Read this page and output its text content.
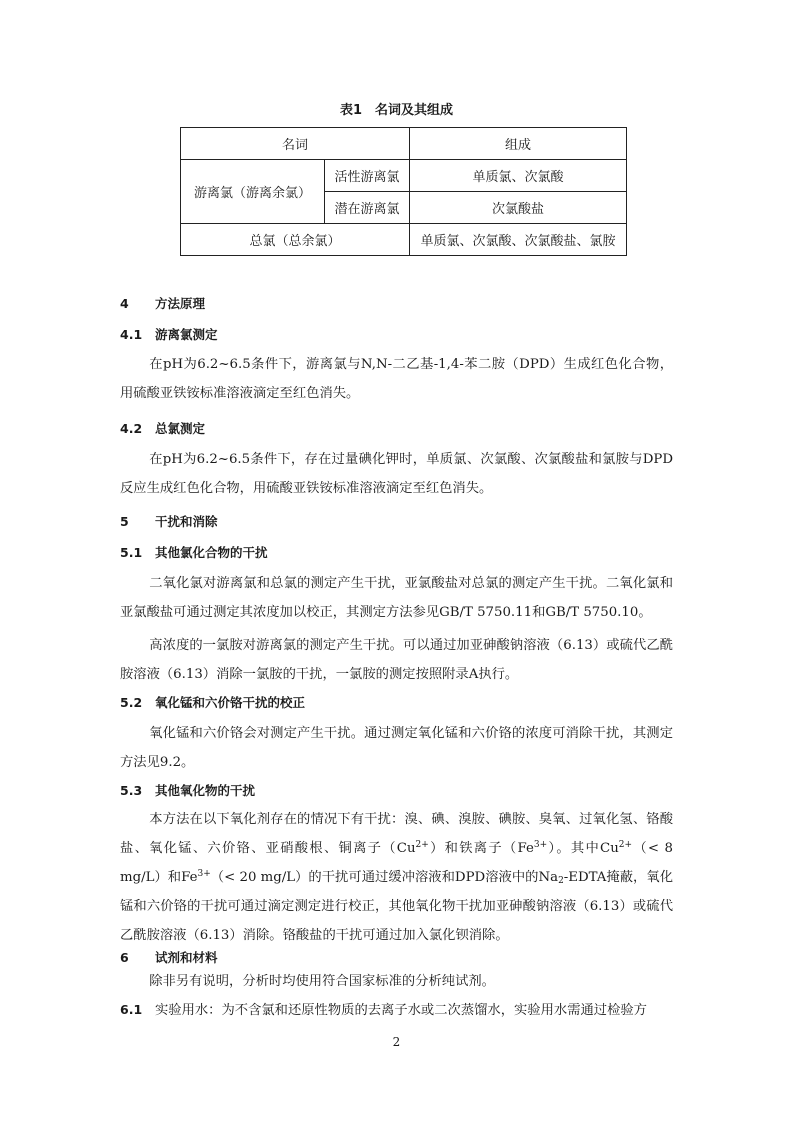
表1　名词及其组成
名词		组成
游离氯（游离余氯）	活性游离氯	单质氯、次氯酸
	潜在游离氯	次氯酸盐
总氯（总余氯）		单质氯、次氯酸、次氯酸盐、氯胺
4 方法原理
4.1 游离氯测定

在pH为6.2~6.5条件下，游离氯与N,N-二乙基-1,4-苯二胺（DPD）生成红色化合物，用硫酸亚铁铵标准溶液滴定至红色消失。

4.2 总氯测定

在pH为6.2~6.5条件下，存在过量碘化钾时，单质氯、次氯酸、次氯酸盐和氯胺与DPD反应生成红色化合物，用硫酸亚铁铵标准溶液滴定至红色消失。

5 干扰和消除
5.1 其他氯化合物的干扰

二氧化氯对游离氯和总氯的测定产生干扰，亚氯酸盐对总氯的测定产生干扰。二氧化氯和亚氯酸盐可通过测定其浓度加以校正，其测定方法参见GB/T 5750.11和GB/T 5750.10。

高浓度的一氯胺对游离氯的测定产生干扰。可以通过加亚砷酸钠溶液（6.13）或硫代乙酰胺溶液（6.13）消除一氯胺的干扰，一氯胺的测定按照附录A执行。

5.2 氧化锰和六价铬干扰的校正

氧化锰和六价铬会对测定产生干扰。通过测定氧化锰和六价铬的浓度可消除干扰，其测定方法见9.2。

5.3 其他氧化物的干扰

本方法在以下氧化剂存在的情况下有干扰：溴、碘、溴胺、碘胺、臭氧、过氧化氢、铬酸盐、氧化锰、六价铬、亚硝酸根、铜离子$(Cu^{2+})$和铁离子$(Fe^{3+})$。其中$Cu^{2+}(< 8$ mg/L）和$Fe^{3+}(< 20$ mg/L）的干扰可通过缓冲溶液和DPD溶液中的$Na_2$-EDTA掩蔽，氧化锰和六价铬的干扰可通过滴定测定进行校正，其他氧化物干扰加亚砷酸钠溶液（6.13）或硫代乙酰胺溶液（6.13）消除。铬酸盐的干扰可通过加入氯化钡消除。

6 试剂和材料

除非另有说明，分析时均使用符合国家标准的分析纯试剂。

6.1 实验用水：为不含氯和还原性物质的去离子水或二次蒸馏水，实验用水需通过检验方

2
